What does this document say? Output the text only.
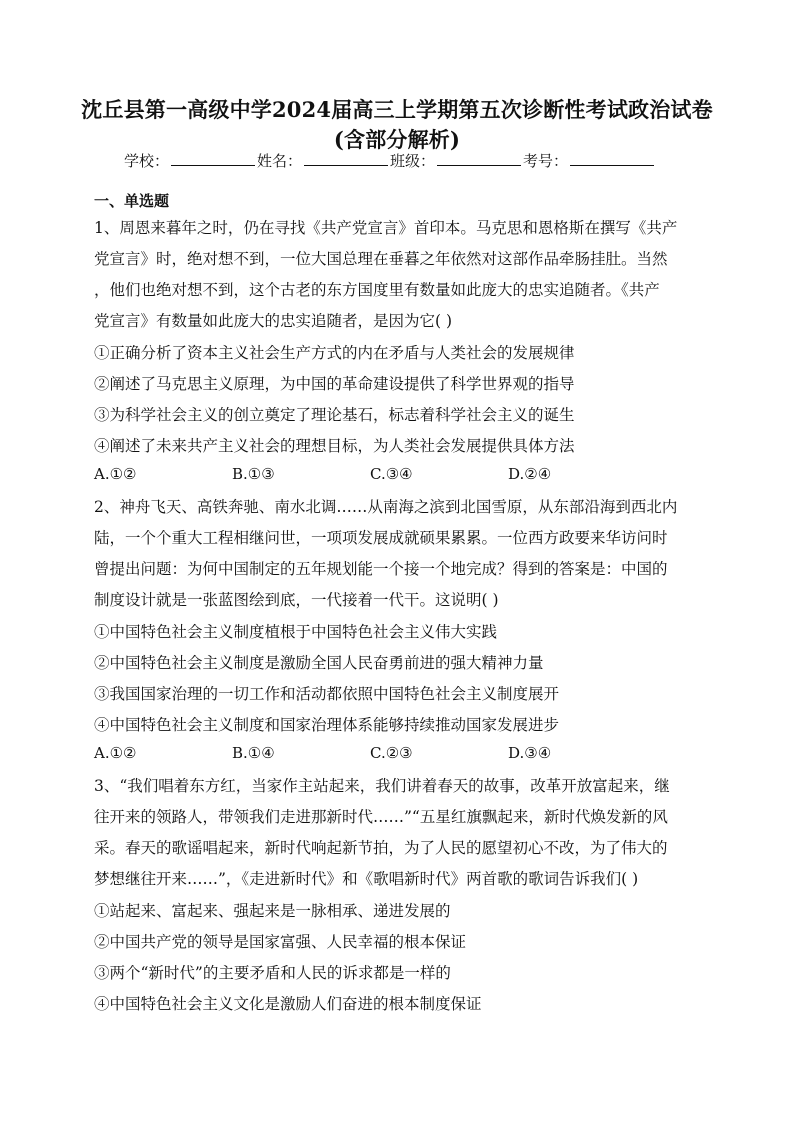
沈丘县第一高级中学2024届高三上学期第五次诊断性考试政治试卷
(含部分解析)
学校：	姓名：	班级：	考号：
一、单选题
1、周恩来暮年之时，仍在寻找《共产党宣言》首印本。马克思和恩格斯在撰写《共产
党宣言》时，绝对想不到，一位大国总理在垂暮之年依然对这部作品牵肠挂肚。当然
，他们也绝对想不到，这个古老的东方国度里有数量如此庞大的忠实追随者。《共产
党宣言》有数量如此庞大的忠实追随者，是因为它( )
①正确分析了资本主义社会生产方式的内在矛盾与人类社会的发展规律
②阐述了马克思主义原理，为中国的革命建设提供了科学世界观的指导
③为科学社会主义的创立奠定了理论基石，标志着科学社会主义的诞生
④阐述了未来共产主义社会的理想目标，为人类社会发展提供具体方法
A.①②	B.①③	C.③④	D.②④
2、神舟飞天、高铁奔驰、南水北调……从南海之滨到北国雪原，从东部沿海到西北内
陆，一个个重大工程相继问世，一项项发展成就硕果累累。一位西方政要来华访问时
曾提出问题：为何中国制定的五年规划能一个接一个地完成？得到的答案是：中国的
制度设计就是一张蓝图绘到底，一代接着一代干。这说明( )
①中国特色社会主义制度植根于中国特色社会主义伟大实践
②中国特色社会主义制度是激励全国人民奋勇前进的强大精神力量
③我国国家治理的一切工作和活动都依照中国特色社会主义制度展开
④中国特色社会主义制度和国家治理体系能够持续推动国家发展进步
A.①②	B.①④	C.②③	D.③④
3、“我们唱着东方红，当家作主站起来，我们讲着春天的故事，改革开放富起来，继
往开来的领路人，带领我们走进那新时代……”“五星红旗飘起来，新时代焕发新的风
采。春天的歌谣唱起来，新时代响起新节拍，为了人民的愿望初心不改，为了伟大的
梦想继往开来……”，《走进新时代》和《歌唱新时代》两首歌的歌词告诉我们( )
①站起来、富起来、强起来是一脉相承、递进发展的
②中国共产党的领导是国家富强、人民幸福的根本保证
③两个“新时代”的主要矛盾和人民的诉求都是一样的
④中国特色社会主义文化是激励人们奋进的根本制度保证
